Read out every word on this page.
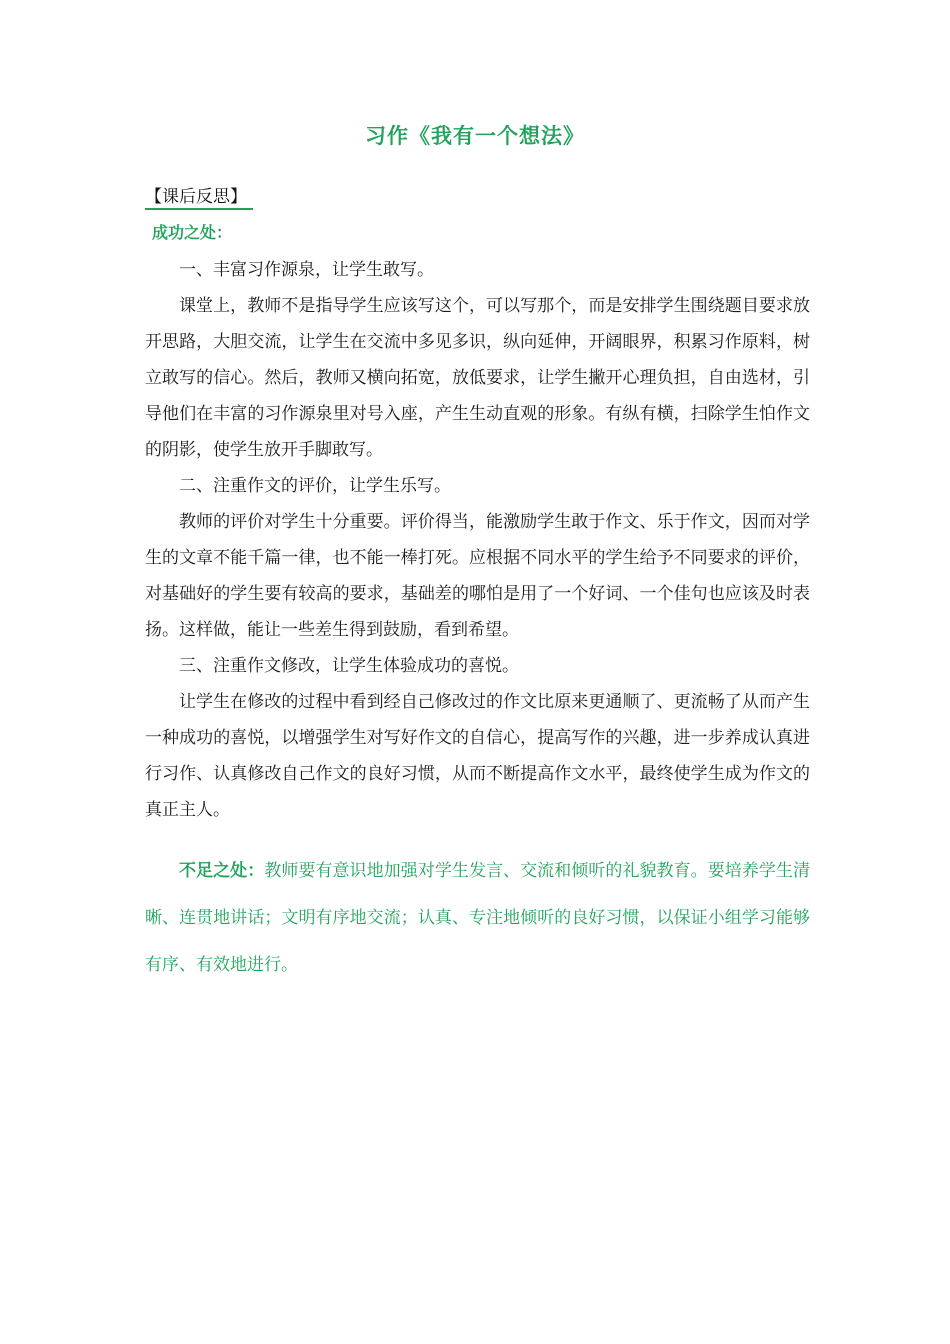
习作《我有一个想法》
【课后反思】
成功之处：

一、丰富习作源泉，让学生敢写。

课堂上，教师不是指导学生应该写这个，可以写那个，而是安排学生围绕题目要求放开思路，大胆交流，让学生在交流中多见多识，纵向延伸，开阔眼界，积累习作原料，树立敢写的信心。然后，教师又横向拓宽，放低要求，让学生撇开心理负担，自由选材，引导他们在丰富的习作源泉里对号入座，产生生动直观的形象。有纵有横，扫除学生怕作文的阴影，使学生放开手脚敢写。

二、注重作文的评价，让学生乐写。

教师的评价对学生十分重要。评价得当，能激励学生敢于作文、乐于作文，因而对学生的文章不能千篇一律，也不能一棒打死。应根据不同水平的学生给予不同要求的评价，对基础好的学生要有较高的要求，基础差的哪怕是用了一个好词、一个佳句也应该及时表扬。这样做，能让一些差生得到鼓励，看到希望。

三、注重作文修改，让学生体验成功的喜悦。

让学生在修改的过程中看到经自己修改过的作文比原来更通顺了、更流畅了从而产生一种成功的喜悦，以增强学生对写好作文的自信心，提高写作的兴趣，进一步养成认真进行习作、认真修改自己作文的良好习惯，从而不断提高作文水平，最终使学生成为作文的真正主人。

不足之处：教师要有意识地加强对学生发言、交流和倾听的礼貌教育。要培养学生清晰、连贯地讲话；文明有序地交流；认真、专注地倾听的良好习惯，以保证小组学习能够有序、有效地进行。
